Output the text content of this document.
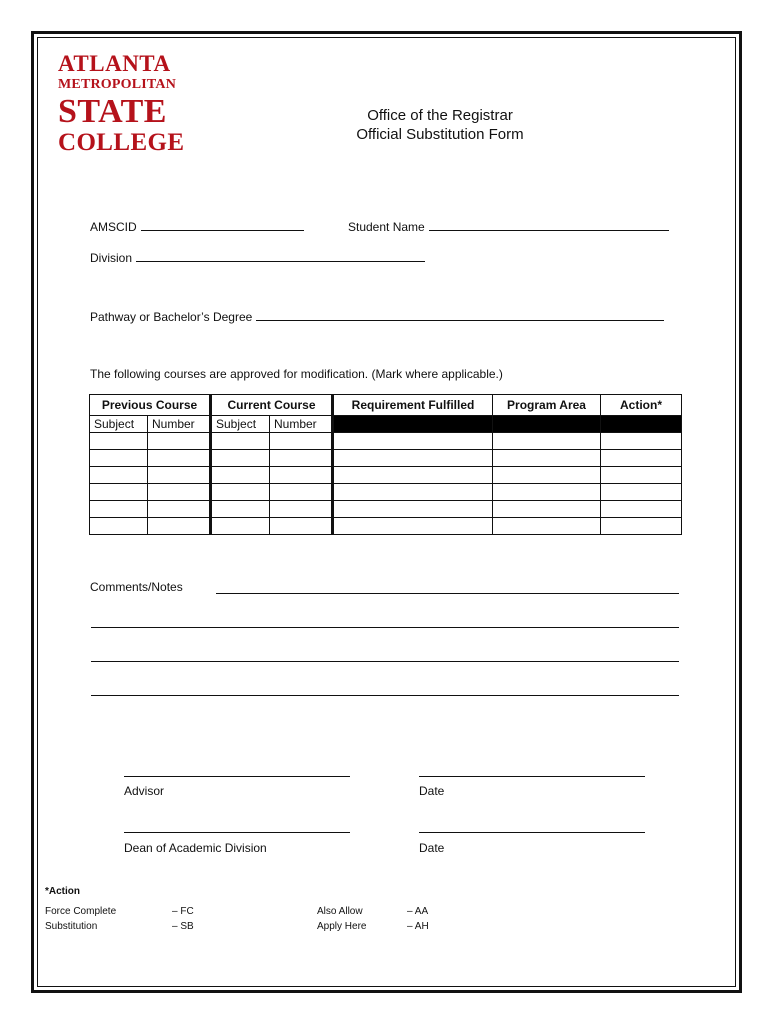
ATLANTA
METROPOLITAN
STATE
COLLEGE
Office of the Registrar
Official Substitution Form
AMSCID	Student Name
Division
Pathway or Bachelor’s Degree
The following courses are approved for modification. (Mark where applicable.)
Previous Course		Current Course		Requirement Fulfilled	Program Area	Action*
Subject	Number	Subject	Number			

Comments/Notes
Advisor	Date
Dean of Academic Division	Date
*Action
Force Complete	– FC
Substitution	– SB
Also Allow	– AA
Apply Here	– AH
